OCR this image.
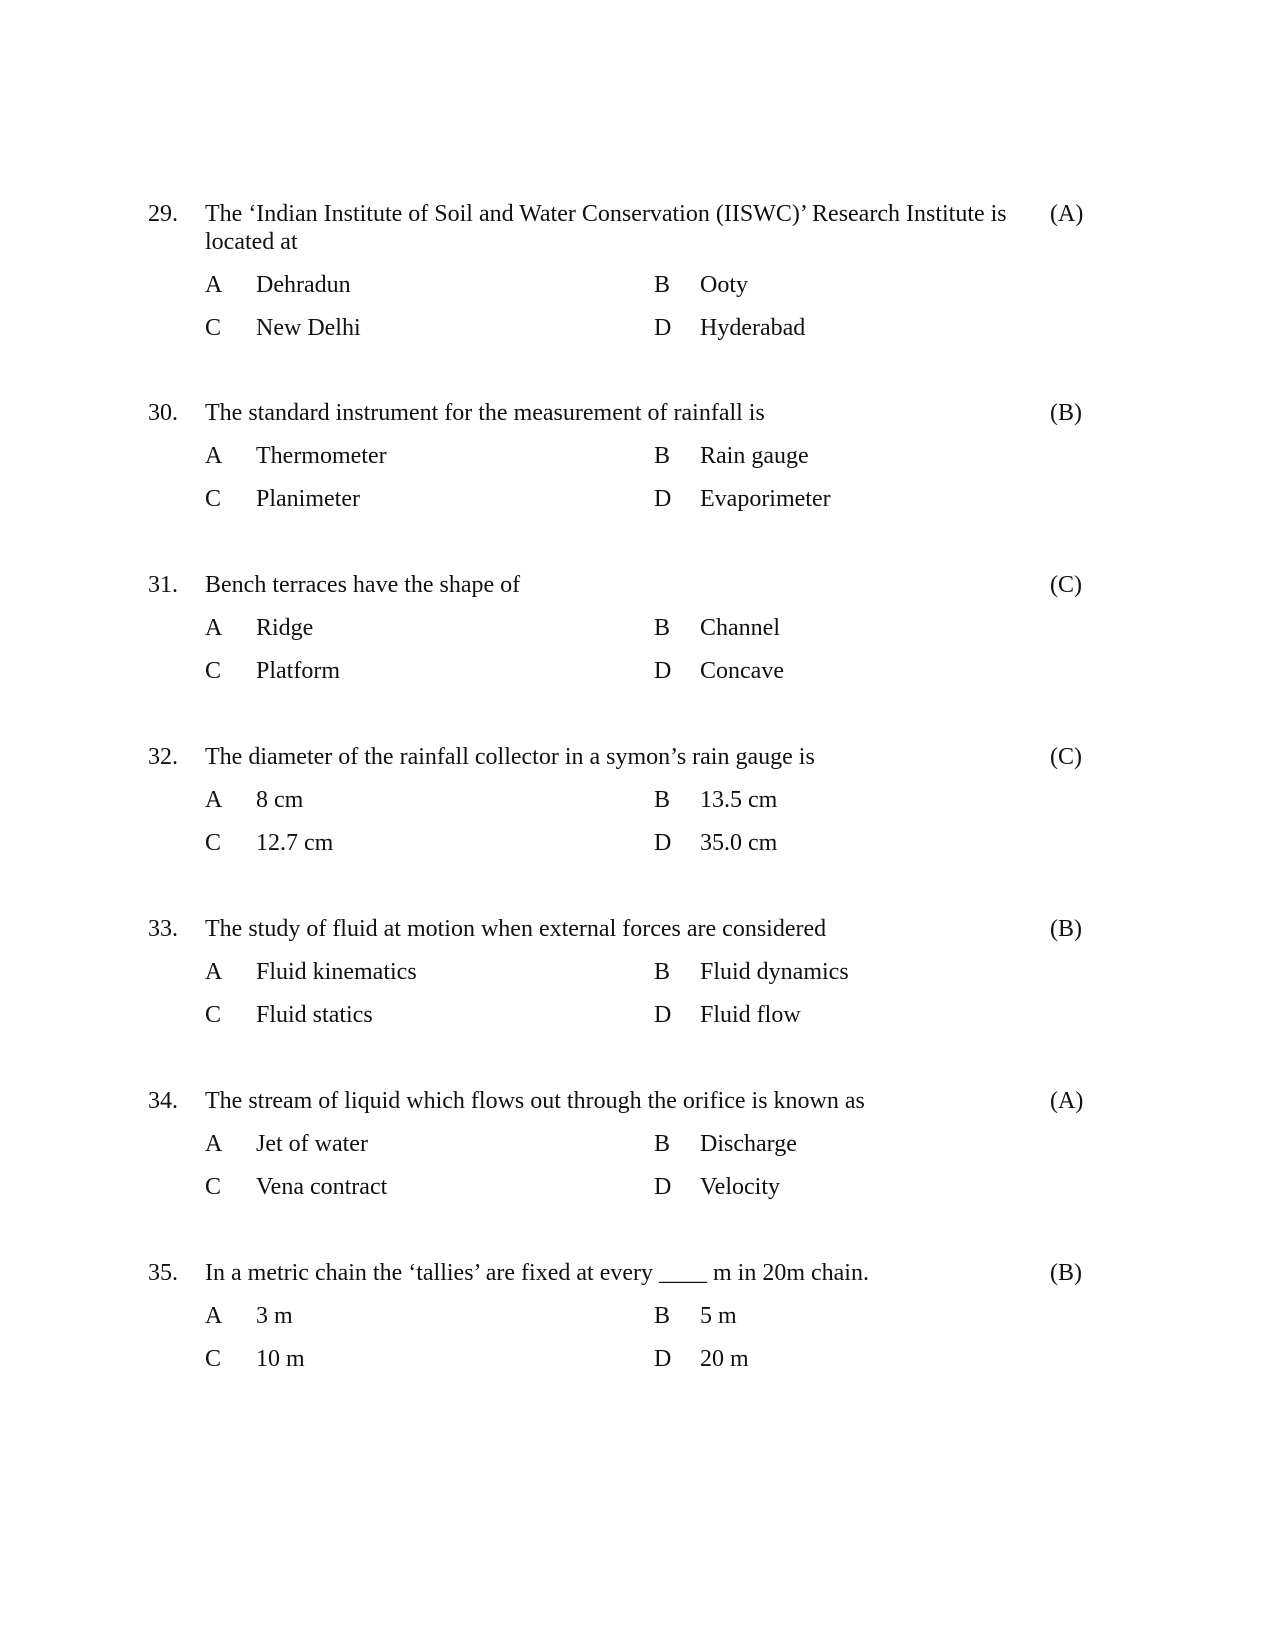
29. The ‘Indian Institute of Soil and Water Conservation (IISWC)’ Research Institute is located at
(A)
A Dehradun	B Ooty
C New Delhi	D Hyderabad
30. The standard instrument for the measurement of rainfall is	(B)
A Thermometer	B Rain gauge
C Planimeter	D Evaporimeter
31. Bench terraces have the shape of	(C)
A Ridge	B Channel
C Platform	D Concave
32. The diameter of the rainfall collector in a symon’s rain gauge is	(C)
A 8 cm	B 13.5 cm
C 12.7 cm	D 35.0 cm
33. The study of fluid at motion when external forces are considered	(B)
A Fluid kinematics	B Fluid dynamics
C Fluid statics	D Fluid flow
34. The stream of liquid which flows out through the orifice is known as	(A)
A Jet of water	B Discharge
C Vena contract	D Velocity
35. In a metric chain the ‘tallies’ are fixed at every ____ m in 20m chain.	(B)
A 3 m	B 5 m
C 10 m	D 20 m
